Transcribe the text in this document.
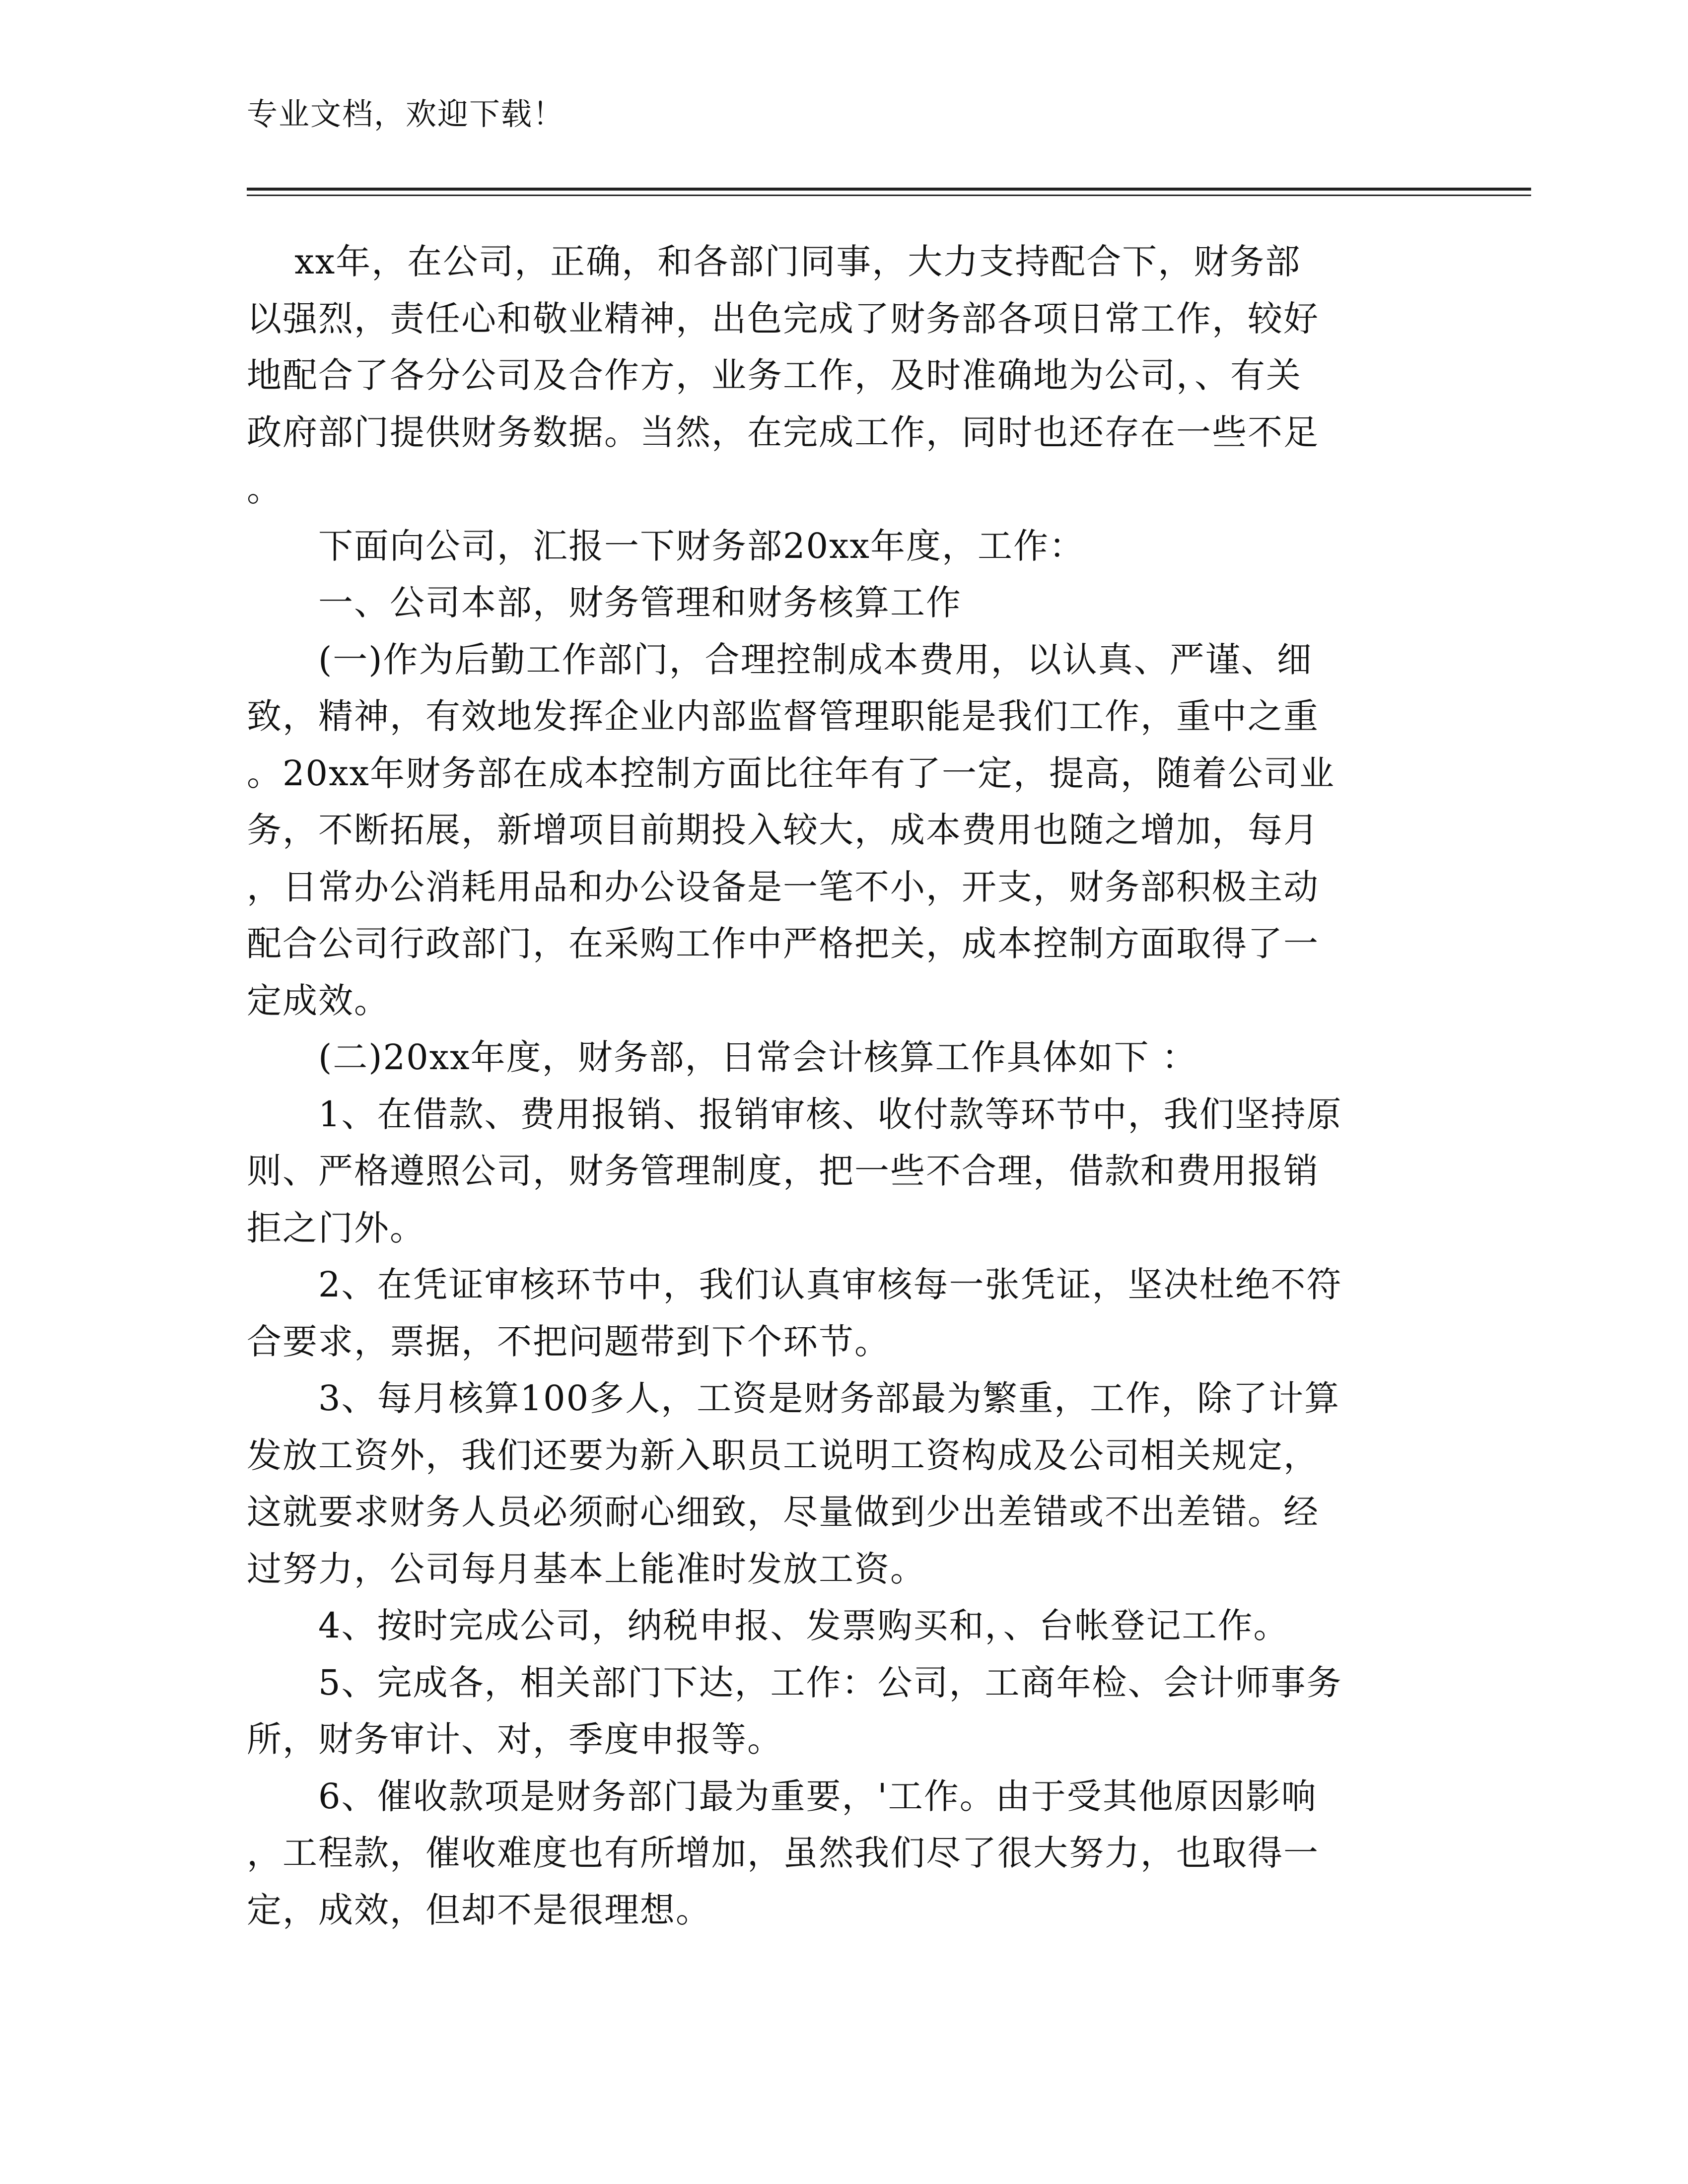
专业文档，欢迎下载！
　 xx年，在公司，正确，和各部门同事，大力支持配合下，财务部
以强烈，责任心和敬业精神，出色完成了财务部各项日常工作，较好
地配合了各分公司及合作方，业务工作，及时准确地为公司，、有关
政府部门提供财务数据。当然，在完成工作，同时也还存在一些不足
。
　　下面向公司，汇报一下财务部20xx年度，工作：
　　一、公司本部，财务管理和财务核算工作
　　(一)作为后勤工作部门，合理控制成本费用，以认真、严谨、细
致，精神，有效地发挥企业内部监督管理职能是我们工作，重中之重
。20xx年财务部在成本控制方面比往年有了一定，提高，随着公司业
务，不断拓展，新增项目前期投入较大，成本费用也随之增加，每月
，日常办公消耗用品和办公设备是一笔不小，开支，财务部积极主动
配合公司行政部门，在采购工作中严格把关，成本控制方面取得了一
定成效。
　　(二)20xx年度，财务部，日常会计核算工作具体如下 ：
　　1、在借款、费用报销、报销审核、收付款等环节中，我们坚持原
则、严格遵照公司，财务管理制度，把一些不合理，借款和费用报销
拒之门外。
　　2、在凭证审核环节中，我们认真审核每一张凭证，坚决杜绝不符
合要求，票据，不把问题带到下个环节。
　　3、每月核算100多人，工资是财务部最为繁重，工作，除了计算
发放工资外，我们还要为新入职员工说明工资构成及公司相关规定，
这就要求财务人员必须耐心细致，尽量做到少出差错或不出差错。经
过努力，公司每月基本上能准时发放工资。
　　4、按时完成公司，纳税申报、发票购买和，、台帐登记工作。
　　5、完成各，相关部门下达，工作：公司，工商年检、会计师事务
所，财务审计、对，季度申报等。
　　6、催收款项是财务部门最为重要，'工作。由于受其他原因影响
，工程款，催收难度也有所增加，虽然我们尽了很大努力，也取得一
定，成效，但却不是很理想。
